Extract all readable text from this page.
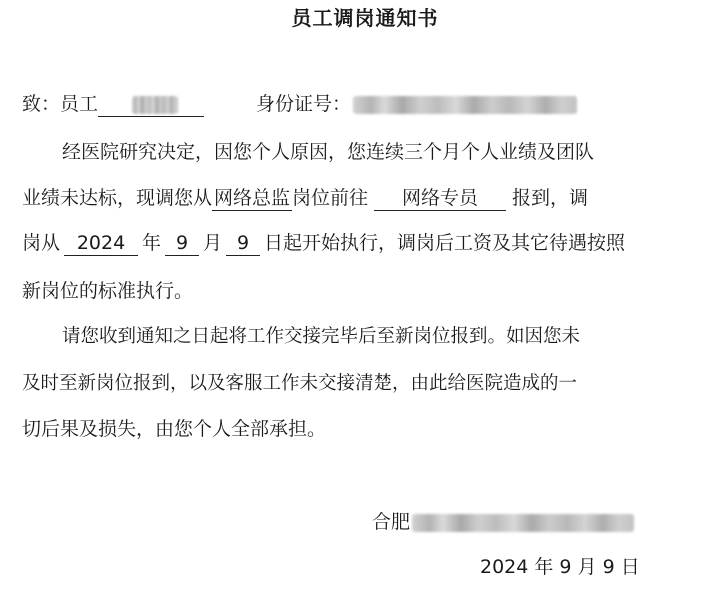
员工调岗通知书
致：员工	身份证号：
经医院研究决定，因您个人原因，您连续三个月个人业绩及团队
业绩未达标，现调您从 网络总监 岗位前往 网络专员 报到，调
岗从 2024 年 9 月 9 日起开始执行，调岗后工资及其它待遇按照
新岗位的标准执行。
请您收到通知之日起将工作交接完毕后至新岗位报到。如因您未
及时至新岗位报到，以及客服工作未交接清楚，由此给医院造成的一
切后果及损失，由您个人全部承担。
合肥
2024 年 9 月 9 日
